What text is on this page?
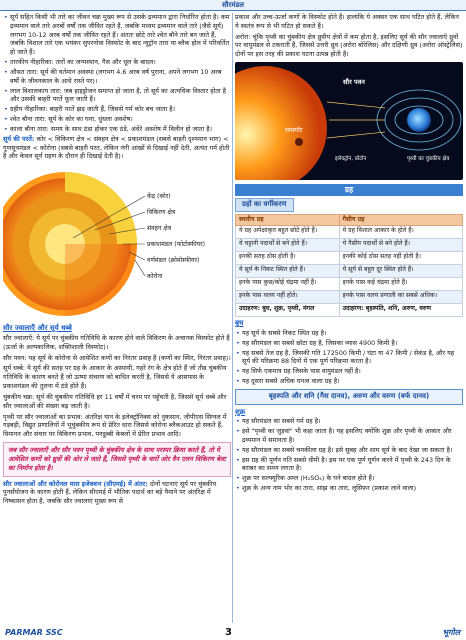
सौरमंडल
• सूर्य सहित किसी भी तारे का जीवन चक्र मुख्य रूप से उसके द्रव्यमान द्वारा निर्धारित होता है। कम द्रव्यमान वाले तारे अरबों वर्षों तक जीवित रहते हैं, जबकि मध्यम द्रव्यमान वाले तारे (जैसे सूर्य) लगभग 10-12 अरब वर्षों तक जीवित रहते हैं। अंततः छोटे तारे श्वेत बौने तारे बन जाते हैं, जबकि विशाल तारे एक भयंकर सुपरनोवा विस्फोट के बाद न्यूट्रॉन तारा या ब्लैक होल में परिवर्तित हो जाते हैं।
• तारकीय नीहारिका: तारों का जन्मस्थान, गैस और धूल के बादल।
• औसत तारा: सूर्य की वर्तमान अवस्था (लगभग 4.6 अरब वर्ष पुराना, अपने लगभग 10 अरब वर्षों के जीवनकाल के आधे रास्ते पर)।
• लाल विशालकाय तारा: जब हाइड्रोजन समाप्त हो जाता है, तो सूर्य का अत्यधिक विस्तार होता है और उसकी बाहरी परतें फूल जाती हैं।
• ग्रहीय नीहारिका: बाहरी परतें झड़ जाती हैं, जिससे गर्म कोर बच जाता है।
• श्वेत बौना तारा: सूर्य के कोर का घना, धुंधला अवशेष।
• काला बौना तारा: समय के साथ ठंडा होकर एक ठंडे, अंधेरे अवशेष में विलीन हो जाता है।

सूर्य की परतें: कोर < विकिरण क्षेत्र < संवहन क्षेत्र < प्रकाशमंडल (सबसे बाहरी दृश्यमान भाग) < गुणसूत्रमंडल < कोरोना (सबसे बाहरी परत, लेकिन नंगी आंखों से दिखाई नहीं देती, अत्यंत गर्म होती है और केवल सूर्य ग्रहण के दौरान ही दिखाई देती है)।

केंद्र (कोर)
विकिरण क्षेत्र
संवहन क्षेत्र
प्रकाशमंडल (फोटोस्फीयर)
वर्णमंडल (क्रोमोस्फीयर)
कोरोना
सौर ज्वालाएँ और सूर्य धब्बे

सौर ज्वालाएँ: ये सूर्य पर चुंबकीय गतिविधि के कारण होने वाले विकिरण के अचानक विस्फोट होते हैं (ऊर्जा के अल्पकालिक, शक्तिशाली विस्फोट)।

सौर पवन: यह सूर्य के कोरोना से आवेशित कणों का निरंतर प्रवाह है (कणों का स्थिर, निरंतर प्रवाह)।

सूर्य धब्बे: ये सूर्य की सतह पर ग्रह के आकार के अस्थायी, गहरे रंग के क्षेत्र होते हैं जो तीव्र चुंबकीय गतिविधि के कारण बनते हैं जो ऊष्मा संचरण को बाधित करती है, जिससे ये आसपास के प्रकाशमंडल की तुलना में ठंडे होते हैं।

चुंबकीय चक्र: सूर्य की चुंबकीय गतिविधि हर 11 वर्षों में चरम पर पहुँचती है, जिससे सूर्य धब्बे और सौर ज्वालाओं की संख्या बढ़ जाती है।

पृथ्वी पर सौर ज्वालाओं का प्रभाव: अंतरिक्ष यान के इलेक्ट्रॉनिक्स को नुकसान, जीपीएस सिग्नल में गड़बड़ी, विद्युत प्रणालियों में भूचुंबकीय रूप से प्रेरित धारा जिससे कोरोना ब्लैकआउट हो सकते हैं, विमानन और संचार पर विकिरण प्रभाव, पनडुब्बी केबलों में प्रेरित प्रभाव आदि।

जब सौर ज्वालाएँ और सौर पवन पृथ्वी के चुंबकीय क्षेत्र के साथ परस्पर क्रिया करते हैं, तो ये आवेशित कणों को ध्रुवों की ओर ले जाते हैं, जिससे पृथ्वी के चारों ओर वैन एलन विकिरण बेल्ट का निर्माण होता है।

सौर ज्वालाओं और कोरोनल मास इजेक्शन (सीएमई) में अंतर: दोनों घटनाएं सूर्य पर चुंबकीय पुनर्संयोजन के कारण होती हैं, लेकिन सीएमई में भौतिक पदार्थ का बड़े पैमाने पर अंतरिक्ष में निष्कासन होता है, जबकि सौर ज्वालाएं मुख्य रूप से

प्रकाश और उच्च-ऊर्जा कणों के विस्फोट होते हैं। हालांकि ये अक्सर एक साथ घटित होते हैं, लेकिन ये स्वतंत्र रूप से भी घटित हो सकते हैं।

अरोरा: चूंकि पृथ्वी का चुंबकीय क्षेत्र ध्रुवीय क्षेत्रों में कम होता है, इसलिए सूर्य की सौर ज्वालाएँ ध्रुवों पर वायुमंडल से टकराती हैं, जिससे उत्तरी ध्रुव (अरोरा बोरेलिस) और दक्षिणी ध्रुव (अरोरा ऑस्ट्रेलिस) दोनों पर इस तरह की प्रकाश घटना उत्पन्न होती है।

सौर पवन
सनस्पॉट
इलेक्ट्रॉन, प्रोटॉन	पृथ्वी का चुंबकीय क्षेत्र
ग्रह
ग्रहों का वर्गीकरण
स्थलीय ग्रह	गैसीय ग्रह
ये ग्रह अपेक्षाकृत बहुत छोटे होते हैं।	ये ग्रह विशाल आकार के होते हैं।
ये चट्टानी पदार्थों से बने होते हैं।	ये गैसीय पदार्थों से बने होते हैं।
इनकी सतह ठोस होती है।	इनकी कोई ठोस सतह नहीं होती है।
ये सूर्य के निकट स्थित होते हैं।	ये सूर्य से बहुत दूर स्थित होते हैं।
इनके पास कुछ/कोई चंद्रमा नहीं हैं।	इनके पास कई चंद्रमा होते हैं।
इनके पास वलय नहीं होते।	इनके पास वलय प्रणाली का सबसे अधिक।
उदाहरण: बुध, शुक्र, पृथ्वी, मंगल	उदाहरण: बृहस्पति, शनि, अरुण, वरुण
बुध
• यह सूर्य के सबसे निकट स्थित ग्रह है।
• यह सौरमंडल का सबसे छोटा ग्रह है, जिसका व्यास 4900 किमी है।
• यह सबसे तेज ग्रह है, जिसकी गति 172500 किमी / घंटा या 47 किमी / सेकंड है, और यह सूर्य की परिक्रमा 88 दिनों में एक पूर्ण परिक्रमा करता है।
• यह सिर्फ एकमात्र ग्रह जिसके पास वायुमंडल नहीं है।
• यह दूसरा सबसे अधिक घनत्व वाला ग्रह है।
बृहस्पति और शनि (गैस दानव), अरुण और वरुण (बर्फ दानव)
शुक्र
• यह सौरमंडल का सबसे गर्म ग्रह है।
• इसे "पृथ्वी का जुड़वां" भी कहा जाता है। यह इसलिए क्योंकि शुक्र और पृथ्वी के आकार और द्रव्यमान में समानता है।
• यह सौरमंडल का सबसे चमकीला ग्रह है। इसे सुबह और शाम सूर्य के बाद देखा जा सकता है।
• इस ग्रह की पूर्णन गति सबसे धीमी है। इस पर एक पूर्ण घूर्णन करने में पृथ्वी के 243 दिन के बराबर का समय लगता है।
• शुक्र पर सल्फ्यूरिक अम्ल (H₂SO₄) के घने बादल होते हैं।
• शुक्र के अन्य नाम भोर का तारा, सांझ का तारा, लूसिफ़र (प्रकाश लाने वाला)
PARMAR SSC	3	भूगोल
